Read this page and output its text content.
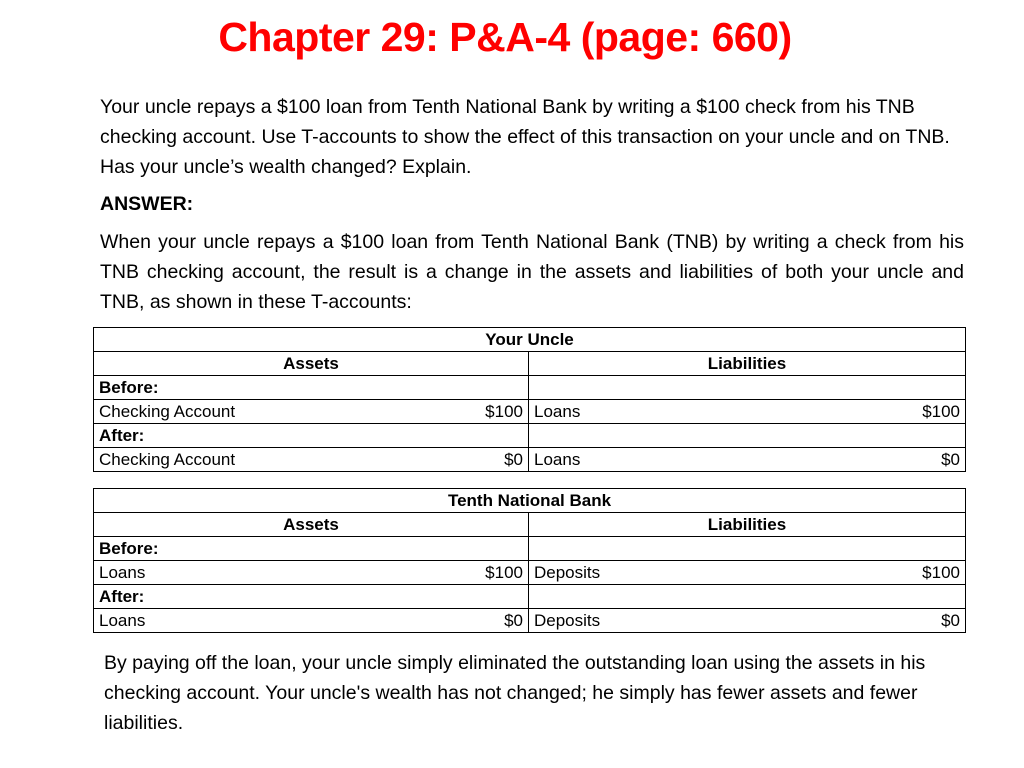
Chapter 29: P&A-4 (page: 660)

Your uncle repays a $100 loan from Tenth National Bank by writing a $100 check from his TNB checking account. Use T-accounts to show the effect of this transaction on your uncle and on TNB. Has your uncle’s wealth changed? Explain.

ANSWER:

When your uncle repays a $100 loan from Tenth National Bank (TNB) by writing a check from his TNB checking account, the result is a change in the assets and liabilities of both your uncle and TNB, as shown in these T-accounts:

Your Uncle	
Assets	Liabilities
Before:	

Checking Account $100	Loans $100

After:	

Checking Account $0	Loans $0
Tenth National Bank	
Assets	Liabilities
Before:	

Loans $100	Deposits $100

After:	

Loans $0	Deposits $0

By paying off the loan, your uncle simply eliminated the outstanding loan using the assets in his checking account. Your uncle's wealth has not changed; he simply has fewer assets and fewer liabilities.
